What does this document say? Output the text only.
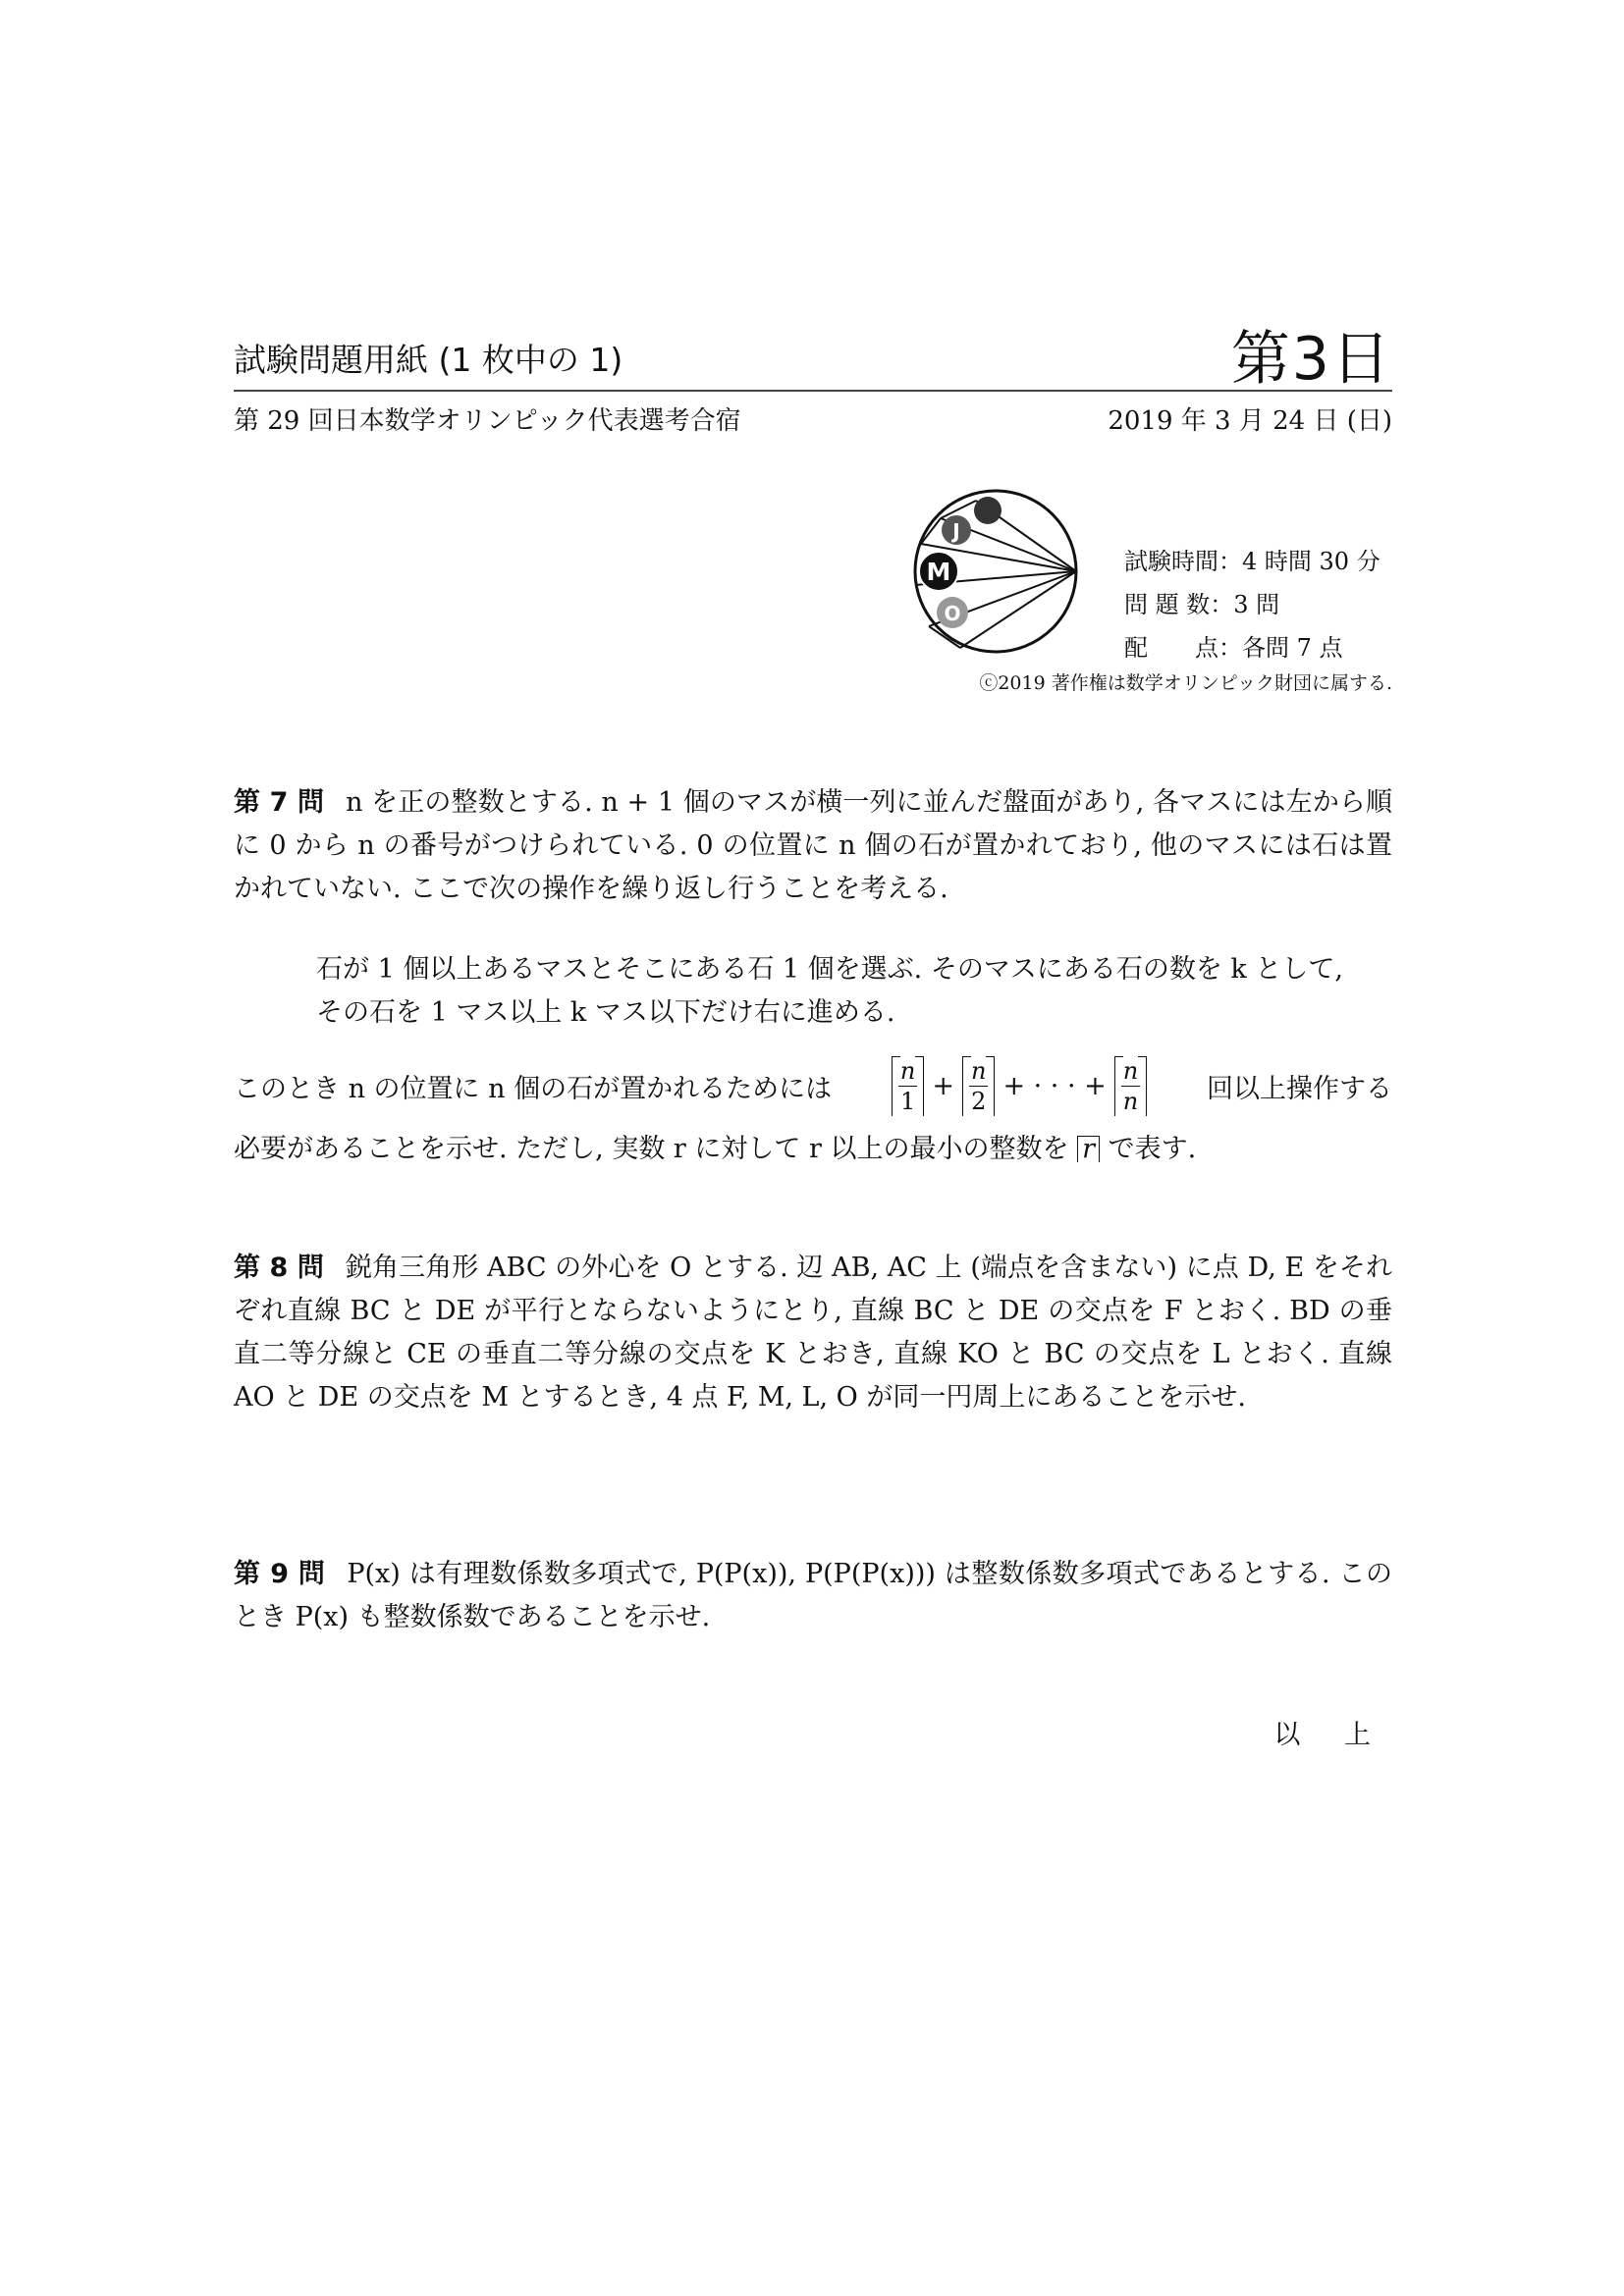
試験問題用紙 (1 枚中の 1)	第3日
第 29 回日本数学オリンピック代表選考合宿	2019 年 3 月 24 日 (日)
J
M
O
試験時間：4 時間 30 分
問 題 数：3 問
配　　点：各問 7 点
ⓒ2019 著作権は数学オリンピック財団に属する.

第 7 問 n を正の整数とする. n + 1 個のマスが横一列に並んだ盤面があり, 各マスには左から順に 0 から n の番号がつけられている. 0 の位置に n 個の石が置かれており, 他のマスには石は置かれていない. ここで次の操作を繰り返し行うことを考える.

石が 1 個以上あるマスとそこにある石 1 個を選ぶ. そのマスにある石の数を k として,

その石を 1 マス以上 k マス以下だけ右に進める.

このとき n の位置に n 個の石が置かれるためには	$\frac{n}{1} + \frac{n}{2}$ + · · · + $\frac{n}{n}$	回以上操作する
必要があることを示せ. ただし, 実数 r に対して r 以上の最小の整数を r で表す.

第 8 問 鋭角三角形 ABC の外心を O とする. 辺 AB, AC 上 (端点を含まない) に点 D, E をそれぞれ直線 BC と DE が平行とならないようにとり, 直線 BC と DE の交点を F とおく. BD の垂直二等分線と CE の垂直二等分線の交点を K とおき, 直線 KO と BC の交点を L とおく. 直線 AO と DE の交点を M とするとき, 4 点 F, M, L, O が同一円周上にあることを示せ.

第 9 問 P(x) は有理数係数多項式で, P(P(x)), P(P(P(x))) は整数係数多項式であるとする. このとき P(x) も整数係数であることを示せ.

以 上
